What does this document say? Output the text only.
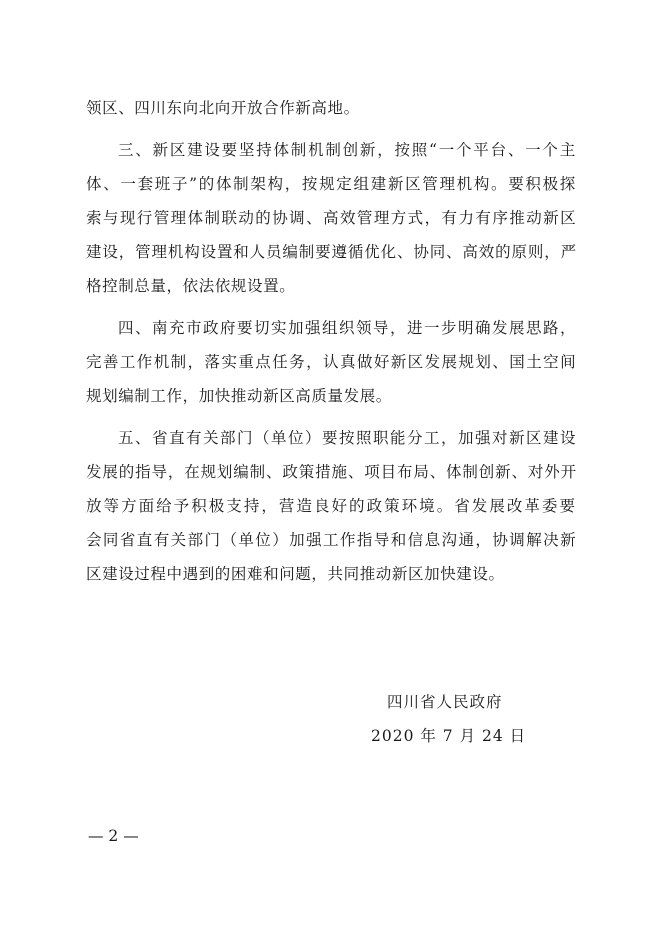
领区、四川东向北向开放合作新高地。
三、新区建设要坚持体制机制创新，按照“一个平台、一个主
体、一套班子”的体制架构，按规定组建新区管理机构。要积极探
索与现行管理体制联动的协调、高效管理方式，有力有序推动新区
建设，管理机构设置和人员编制要遵循优化、协同、高效的原则，严
格控制总量，依法依规设置。
四、南充市政府要切实加强组织领导，进一步明确发展思路，
完善工作机制，落实重点任务，认真做好新区发展规划、国土空间
规划编制工作，加快推动新区高质量发展。
五、省直有关部门（单位）要按照职能分工，加强对新区建设
发展的指导，在规划编制、政策措施、项目布局、体制创新、对外开
放等方面给予积极支持，营造良好的政策环境。省发展改革委要
会同省直有关部门（单位）加强工作指导和信息沟通，协调解决新
区建设过程中遇到的困难和问题，共同推动新区加快建设。
四川省人民政府
2020 年 7 月 24 日
— 2 —
